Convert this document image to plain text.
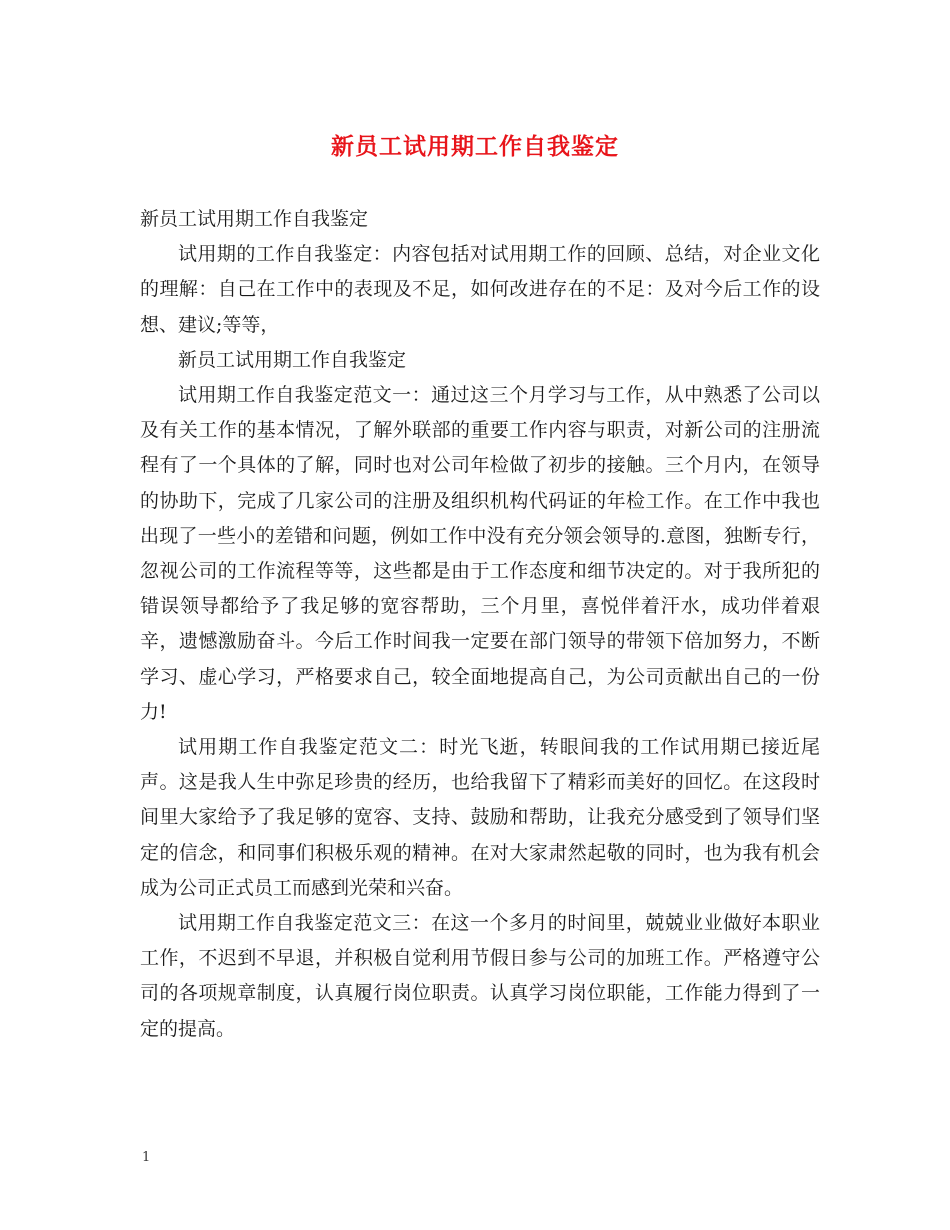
新员工试用期工作自我鉴定

新员工试用期工作自我鉴定

试用期的工作自我鉴定：内容包括对试用期工作的回顾、总结，对企业文化的理解：自己在工作中的表现及不足，如何改进存在的不足：及对今后工作的设想、建议;等等，

新员工试用期工作自我鉴定

试用期工作自我鉴定范文一：通过这三个月学习与工作，从中熟悉了公司以及有关工作的基本情况，了解外联部的重要工作内容与职责，对新公司的注册流程有了一个具体的了解，同时也对公司年检做了初步的接触。三个月内，在领导的协助下，完成了几家公司的注册及组织机构代码证的年检工作。在工作中我也出现了一些小的差错和问题，例如工作中没有充分领会领导的.意图，独断专行，忽视公司的工作流程等等，这些都是由于工作态度和细节决定的。对于我所犯的错误领导都给予了我足够的宽容帮助，三个月里，喜悦伴着汗水，成功伴着艰辛，遗憾激励奋斗。今后工作时间我一定要在部门领导的带领下倍加努力，不断学习、虚心学习，严格要求自己，较全面地提高自己，为公司贡献出自己的一份力!

试用期工作自我鉴定范文二：时光飞逝，转眼间我的工作试用期已接近尾声。这是我人生中弥足珍贵的经历，也给我留下了精彩而美好的回忆。在这段时间里大家给予了我足够的宽容、支持、鼓励和帮助，让我充分感受到了领导们坚定的信念，和同事们积极乐观的精神。在对大家肃然起敬的同时，也为我有机会成为公司正式员工而感到光荣和兴奋。

试用期工作自我鉴定范文三：在这一个多月的时间里，兢兢业业做好本职业工作，不迟到不早退，并积极自觉利用节假日参与公司的加班工作。严格遵守公司的各项规章制度，认真履行岗位职责。认真学习岗位职能，工作能力得到了一定的提高。

1
